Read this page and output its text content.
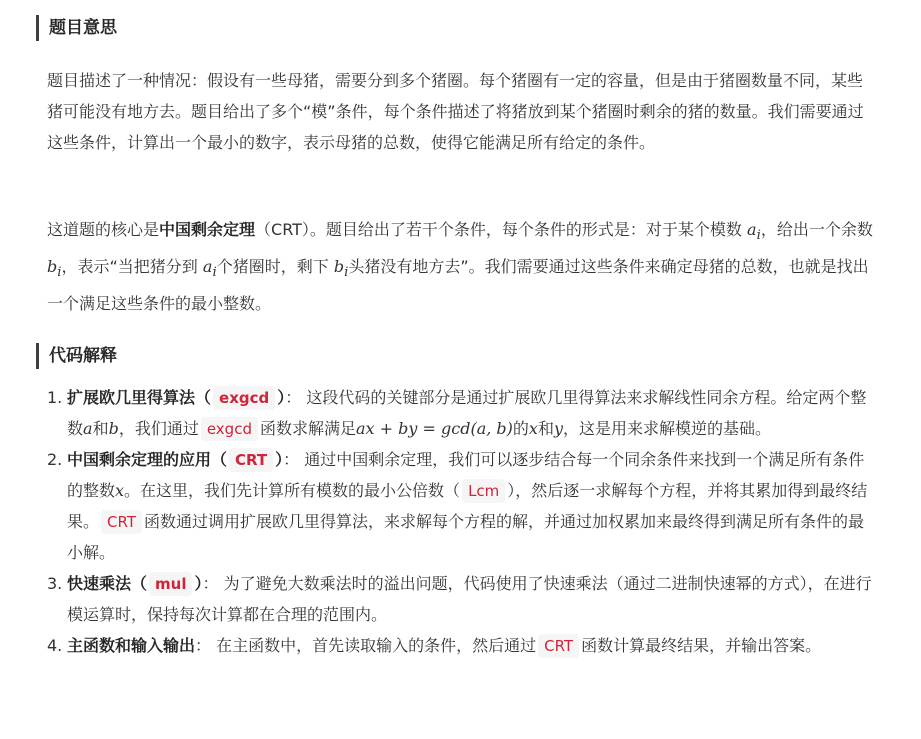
题目意思
题目描述了一种情况：假设有一些母猪，需要分到多个猪圈。每个猪圈有一定的容量，但是由于猪圈数量不同，某些猪可能没有地方去。题目给出了多个“模”条件，每个条件描述了将猪放到某个猪圈时剩余的猪的数量。我们需要通过这些条件，计算出一个最小的数字，表示母猪的总数，使得它能满足所有给定的条件。
这道题的核心是中国剩余定理（CRT）。题目给出了若干个条件，每个条件的形式是：对于某个模数 $a_i$，给出一个余数 $b_i$，表示“当把猪分到 $a_i$个猪圈时，剩下 $b_i$头猪没有地方去”。我们需要通过这些条件来确定母猪的总数，也就是找出一个满足这些条件的最小整数。
代码解释
1. 扩展欧几里得算法（ exgcd ）： 这段代码的关键部分是通过扩展欧几里得算法来求解线性同余方程。给定两个整数a和b，我们通过 exgcd 函数求解满足ax + by = gcd(a, b)的x和y，这是用来求解模逆的基础。
2. 中国剩余定理的应用（ CRT ）： 通过中国剩余定理，我们可以逐步结合每一个同余条件来找到一个满足所有条件的整数x。在这里，我们先计算所有模数的最小公倍数（ Lcm ），然后逐一求解每个方程，并将其累加得到最终结果。 CRT 函数通过调用扩展欧几里得算法，来求解每个方程的解，并通过加权累加来最终得到满足所有条件的最小解。
3. 快速乘法（ mul ）： 为了避免大数乘法时的溢出问题，代码使用了快速乘法（通过二进制快速幂的方式），在进行模运算时，保持每次计算都在合理的范围内。
4. 主函数和输入输出： 在主函数中，首先读取输入的条件，然后通过 CRT 函数计算最终结果，并输出答案。
